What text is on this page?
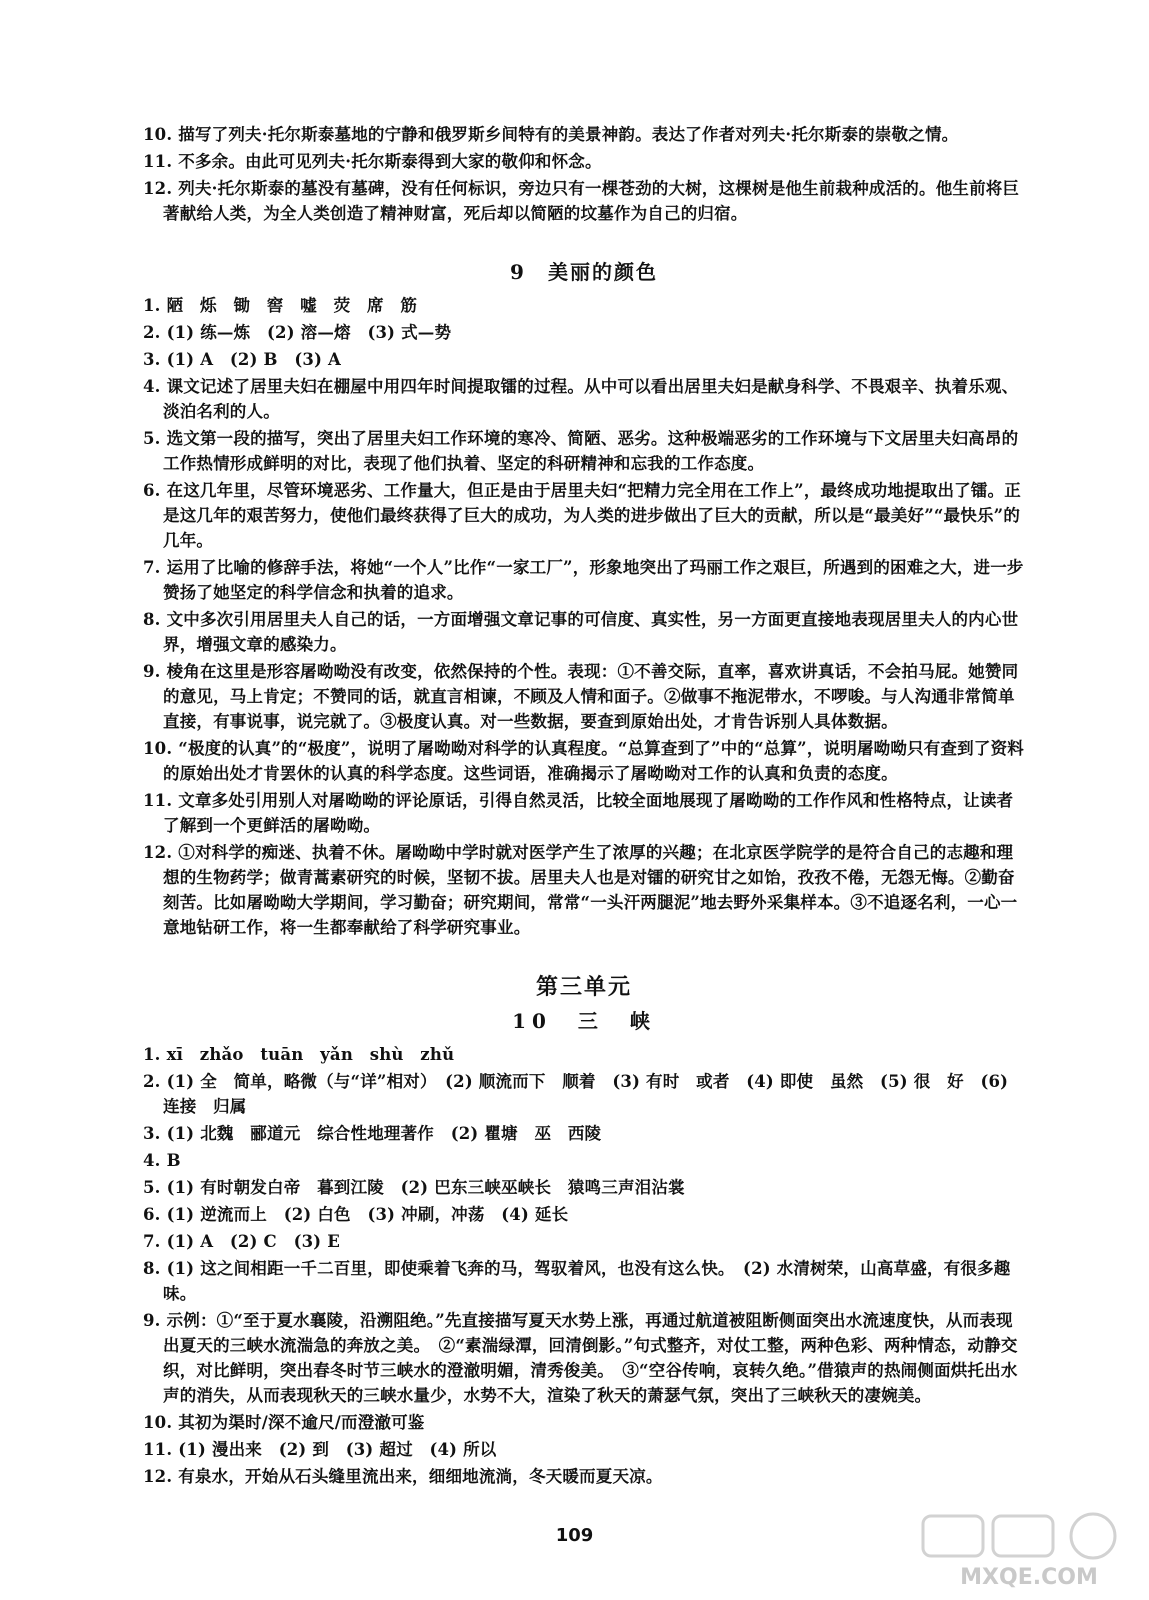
10. 描写了列夫·托尔斯泰墓地的宁静和俄罗斯乡间特有的美景神韵。表达了作者对列夫·托尔斯泰的崇敬之情。

11. 不多余。由此可见列夫·托尔斯泰得到大家的敬仰和怀念。

12. 列夫·托尔斯泰的墓没有墓碑，没有任何标识，旁边只有一棵苍劲的大树，这棵树是他生前栽种成活的。他生前将巨著献给人类，为全人类创造了精神财富，死后却以简陋的坟墓作为自己的归宿。

9　美丽的颜色

1. 陋　烁　锄　窖　嘘　荧　席　筋

2. (1) 练—炼　(2) 溶—熔　(3) 式—势

3. (1) A　(2) B　(3) A

4. 课文记述了居里夫妇在棚屋中用四年时间提取镭的过程。从中可以看出居里夫妇是献身科学、不畏艰辛、执着乐观、淡泊名利的人。

5. 选文第一段的描写，突出了居里夫妇工作环境的寒冷、简陋、恶劣。这种极端恶劣的工作环境与下文居里夫妇高昂的工作热情形成鲜明的对比，表现了他们执着、坚定的科研精神和忘我的工作态度。

6. 在这几年里，尽管环境恶劣、工作量大，但正是由于居里夫妇“把精力完全用在工作上”，最终成功地提取出了镭。正是这几年的艰苦努力，使他们最终获得了巨大的成功，为人类的进步做出了巨大的贡献，所以是“最美好”“最快乐”的几年。

7. 运用了比喻的修辞手法，将她“一个人”比作“一家工厂”，形象地突出了玛丽工作之艰巨，所遇到的困难之大，进一步赞扬了她坚定的科学信念和执着的追求。

8. 文中多次引用居里夫人自己的话，一方面增强文章记事的可信度、真实性，另一方面更直接地表现居里夫人的内心世界，增强文章的感染力。

9. 棱角在这里是形容屠呦呦没有改变，依然保持的个性。表现：①不善交际，直率，喜欢讲真话，不会拍马屁。她赞同的意见，马上肯定；不赞同的话，就直言相谏，不顾及人情和面子。②做事不拖泥带水，不啰唆。与人沟通非常简单直接，有事说事，说完就了。③极度认真。对一些数据，要查到原始出处，才肯告诉别人具体数据。

10. “极度的认真”的“极度”，说明了屠呦呦对科学的认真程度。“总算查到了”中的“总算”，说明屠呦呦只有查到了资料的原始出处才肯罢休的认真的科学态度。这些词语，准确揭示了屠呦呦对工作的认真和负责的态度。

11. 文章多处引用别人对屠呦呦的评论原话，引得自然灵活，比较全面地展现了屠呦呦的工作作风和性格特点，让读者了解到一个更鲜活的屠呦呦。

12. ①对科学的痴迷、执着不休。屠呦呦中学时就对医学产生了浓厚的兴趣；在北京医学院学的是符合自己的志趣和理想的生物药学；做青蒿素研究的时候，坚韧不拔。居里夫人也是对镭的研究甘之如饴，孜孜不倦，无怨无悔。②勤奋刻苦。比如屠呦呦大学期间，学习勤奋；研究期间，常常“一头汗两腿泥”地去野外采集样本。③不追逐名利，一心一意地钻研工作，将一生都奉献给了科学研究事业。

第三单元
10　三　峡

1. xī　zhǎo　tuān　yǎn　shù　zhǔ

2. (1) 全　简单，略微（与“详”相对）　(2) 顺流而下　顺着　(3) 有时　或者　(4) 即使　虽然　(5) 很　好　(6) 连接　归属

3. (1) 北魏　郦道元　综合性地理著作　(2) 瞿塘　巫　西陵

4. B

5. (1) 有时朝发白帝　暮到江陵　(2) 巴东三峡巫峡长　猿鸣三声泪沾裳

6. (1) 逆流而上　(2) 白色　(3) 冲刷，冲荡　(4) 延长

7. (1) A　(2) C　(3) E

8. (1) 这之间相距一千二百里，即使乘着飞奔的马，驾驭着风，也没有这么快。　(2) 水清树荣，山高草盛，有很多趣味。

9. 示例：①“至于夏水襄陵，沿溯阻绝。”先直接描写夏天水势上涨，再通过航道被阻断侧面突出水流速度快，从而表现出夏天的三峡水流湍急的奔放之美。　②“素湍绿潭，回清倒影。”句式整齐，对仗工整，两种色彩、两种情态，动静交织，对比鲜明，突出春冬时节三峡水的澄澈明媚，清秀俊美。　③“空谷传响，哀转久绝。”借猿声的热闹侧面烘托出水声的消失，从而表现秋天的三峡水量少，水势不大，渲染了秋天的萧瑟气氛，突出了三峡秋天的凄婉美。

10. 其初为渠时/深不逾尺/而澄澈可鉴

11. (1) 漫出来　(2) 到　(3) 超过　(4) 所以

12. 有泉水，开始从石头缝里流出来，细细地流淌，冬天暖而夏天凉。

109
MXQE.COM
